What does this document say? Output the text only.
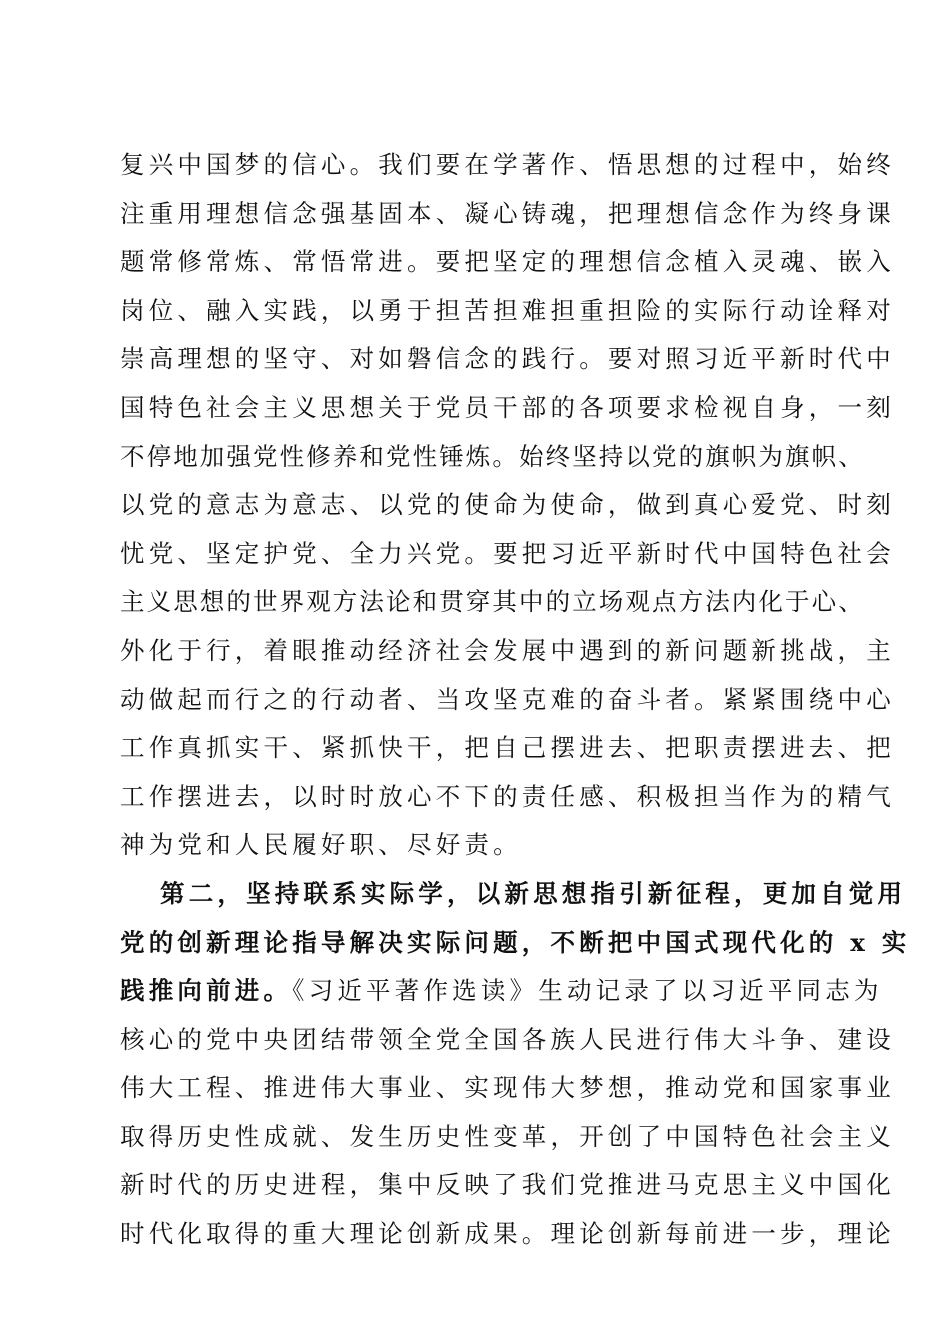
复兴中国梦的信心。我们要在学著作、悟思想的过程中，始终
注重用理想信念强基固本、凝心铸魂，把理想信念作为终身课
题常修常炼、常悟常进。要把坚定的理想信念植入灵魂、嵌入
岗位、融入实践，以勇于担苦担难担重担险的实际行动诠释对
崇高理想的坚守、对如磐信念的践行。要对照习近平新时代中
国特色社会主义思想关于党员干部的各项要求检视自身，一刻
不停地加强党性修养和党性锤炼。始终坚持以党的旗帜为旗帜、
以党的意志为意志、以党的使命为使命，做到真心爱党、时刻
忧党、坚定护党、全力兴党。要把习近平新时代中国特色社会
主义思想的世界观方法论和贯穿其中的立场观点方法内化于心、
外化于行，着眼推动经济社会发展中遇到的新问题新挑战，主
动做起而行之的行动者、当攻坚克难的奋斗者。紧紧围绕中心
工作真抓实干、紧抓快干，把自己摆进去、把职责摆进去、把
工作摆进去，以时时放心不下的责任感、积极担当作为的精气
神为党和人民履好职、尽好责。
第二，坚持联系实际学，以新思想指引新征程，更加自觉用
党的创新理论指导解决实际问题，不断把中国式现代化的 x 实
践推向前进。《习近平著作选读》生动记录了以习近平同志为
核心的党中央团结带领全党全国各族人民进行伟大斗争、建设
伟大工程、推进伟大事业、实现伟大梦想，推动党和国家事业
取得历史性成就、发生历史性变革，开创了中国特色社会主义
新时代的历史进程，集中反映了我们党推进马克思主义中国化
时代化取得的重大理论创新成果。理论创新每前进一步，理论
